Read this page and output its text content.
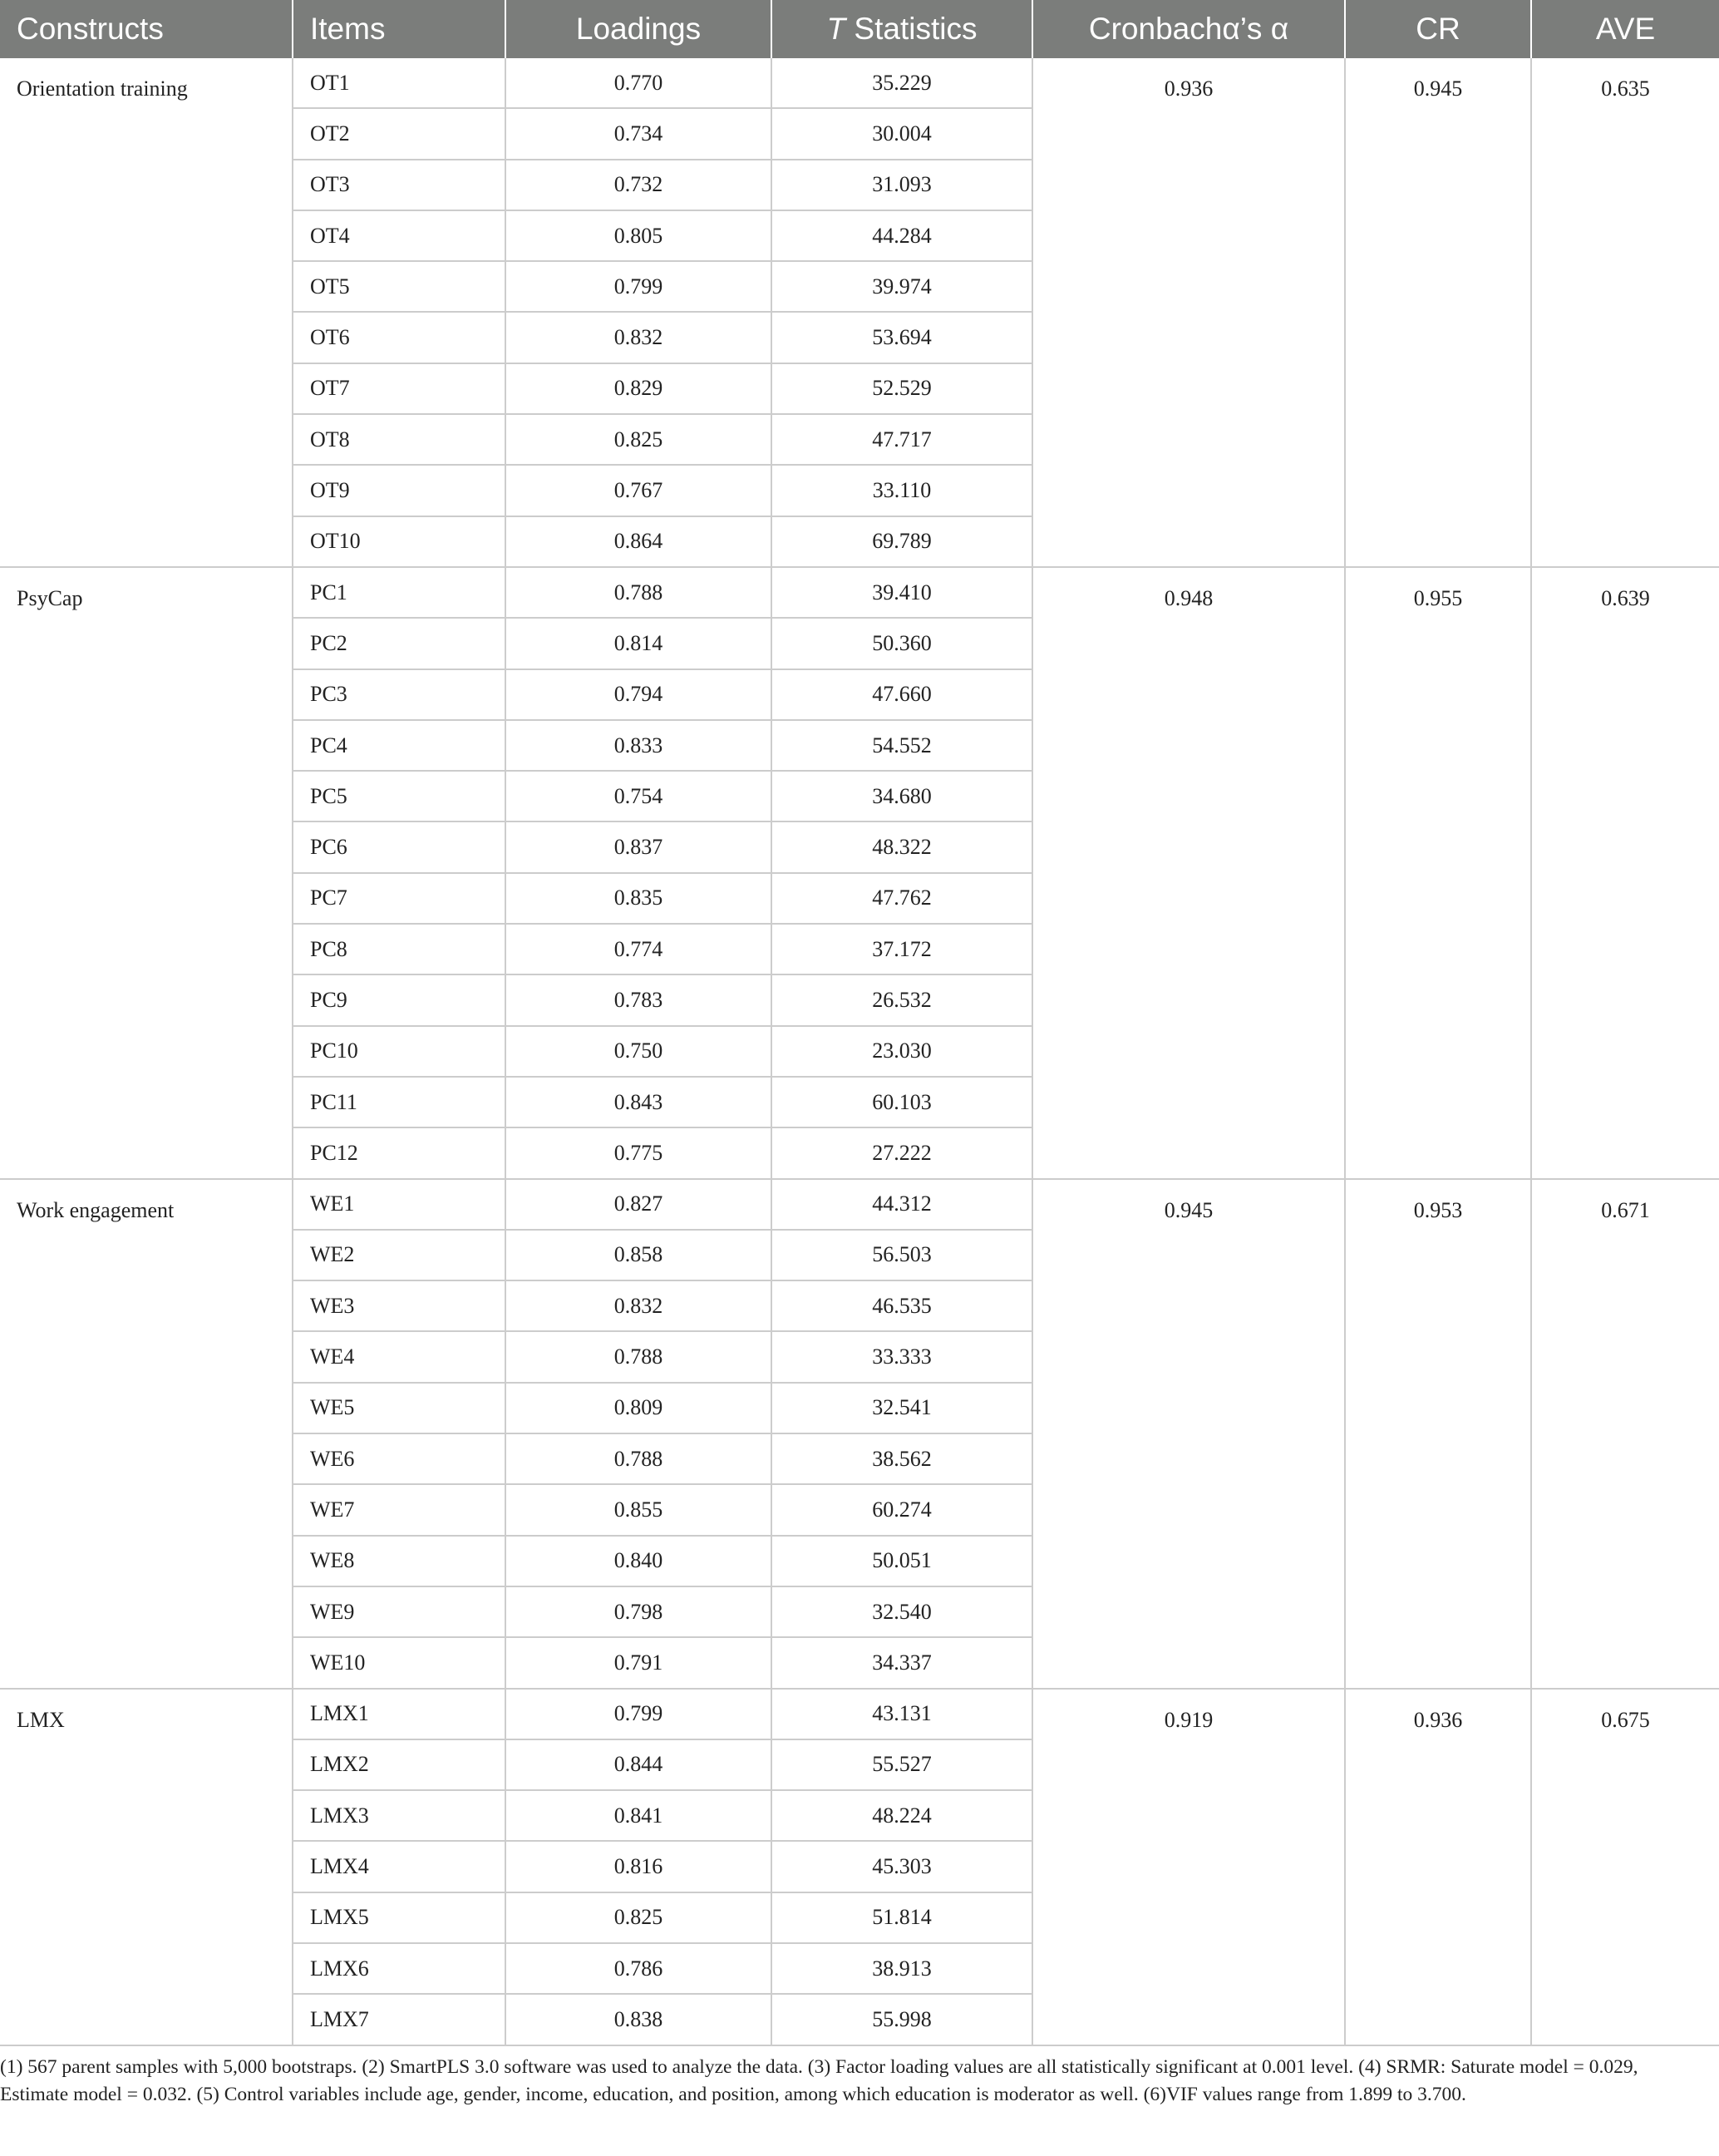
Constructs	Items	Loadings	T Statistics	Cronbachα’s α	CR	AVE
Orientation training	OT1	0.770	35.229	0.936	0.945	0.635
	OT2	0.734	30.004			
	OT3	0.732	31.093			
	OT4	0.805	44.284			
	OT5	0.799	39.974			
	OT6	0.832	53.694			
	OT7	0.829	52.529			
	OT8	0.825	47.717			
	OT9	0.767	33.110			
	OT10	0.864	69.789			
PsyCap	PC1	0.788	39.410	0.948	0.955	0.639
	PC2	0.814	50.360			
	PC3	0.794	47.660			
	PC4	0.833	54.552			
	PC5	0.754	34.680			
	PC6	0.837	48.322			
	PC7	0.835	47.762			
	PC8	0.774	37.172			
	PC9	0.783	26.532			
	PC10	0.750	23.030			
	PC11	0.843	60.103			
	PC12	0.775	27.222			
Work engagement	WE1	0.827	44.312	0.945	0.953	0.671
	WE2	0.858	56.503			
	WE3	0.832	46.535			
	WE4	0.788	33.333			
	WE5	0.809	32.541			
	WE6	0.788	38.562			
	WE7	0.855	60.274			
	WE8	0.840	50.051			
	WE9	0.798	32.540			
	WE10	0.791	34.337			
LMX	LMX1	0.799	43.131	0.919	0.936	0.675
	LMX2	0.844	55.527			
	LMX3	0.841	48.224			
	LMX4	0.816	45.303			
	LMX5	0.825	51.814			
	LMX6	0.786	38.913			
	LMX7	0.838	55.998			

(1) 567 parent samples with 5,000 bootstraps. (2) SmartPLS 3.0 software was used to analyze the data. (3) Factor loading values are all statistically significant at 0.001 level. (4) SRMR: Saturate model = 0.029, Estimate model = 0.032. (5) Control variables include age, gender, income, education, and position, among which education is moderator as well. (6)VIF values range from 1.899 to 3.700.
